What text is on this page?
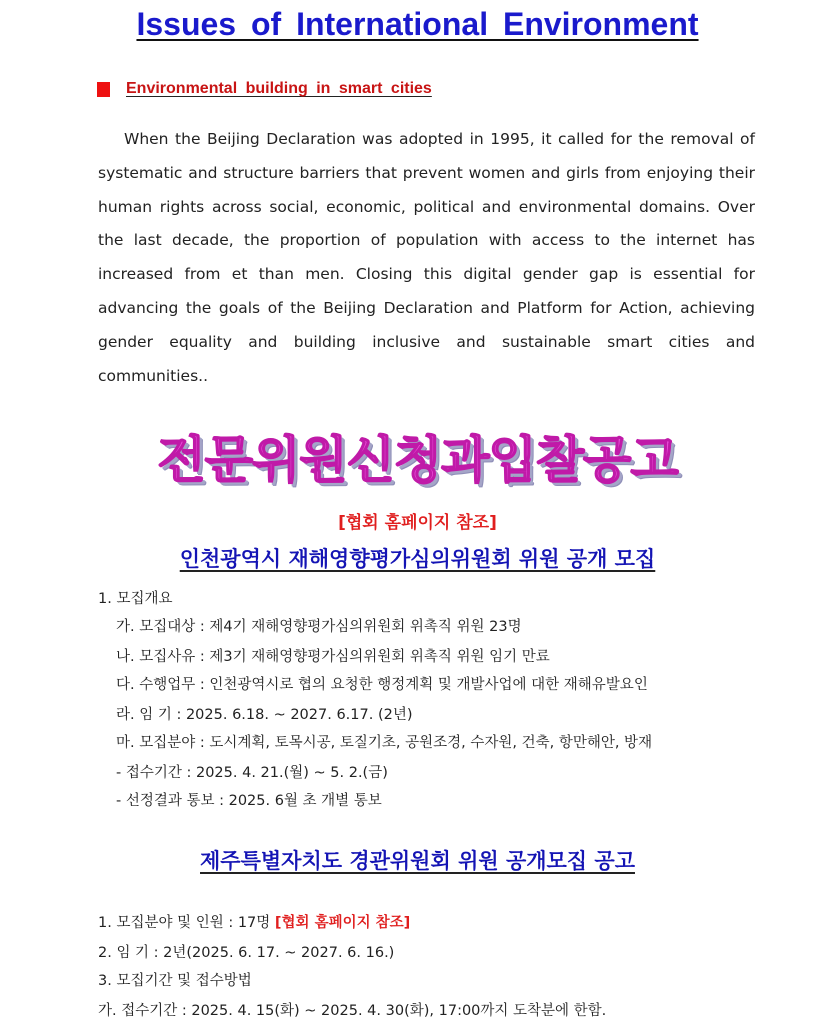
Issues of International Environment
Environmental building in smart cities

When the Beijing Declaration was adopted in 1995, it called for the removal of systematic and structure barriers that prevent women and girls from enjoying their human rights across social, economic, political and environmental domains. Over the last decade, the proportion of population with access to the internet has increased from et than men. Closing this digital gender gap is essential for advancing the goals of the Beijing Declaration and Platform for Action, achieving gender equality and building inclusive and sustainable smart cities and communities..

전문위원신청과입찰공고
[협회 홈페이지 참조]
인천광역시 재해영향평가심의위원회 위원 공개 모집
1. 모집개요
가. 모집대상 : 제4기 재해영향평가심의위원회 위촉직 위원 23명
나. 모집사유 : 제3기 재해영향평가심의위원회 위촉직 위원 임기 만료
다. 수행업무 : 인천광역시로 협의 요청한 행정계획 및 개발사업에 대한 재해유발요인
라. 임 기 : 2025. 6.18. ~ 2027. 6.17. (2년)
마. 모집분야 : 도시계획, 토목시공, 토질기초, 공원조경, 수자원, 건축, 항만해안, 방재
- 접수기간 : 2025. 4. 21.(월) ~ 5. 2.(금)
- 선정결과 통보 : 2025. 6월 초 개별 통보
제주특별자치도 경관위원회 위원 공개모집 공고
1. 모집분야 및 인원 : 17명 [협회 홈페이지 참조]
2. 임 기 : 2년(2025. 6. 17. ~ 2027. 6. 16.)
3. 모집기간 및 접수방법
가. 접수기간 : 2025. 4. 15(화) ~ 2025. 4. 30(화), 17:00까지 도착분에 한함.
